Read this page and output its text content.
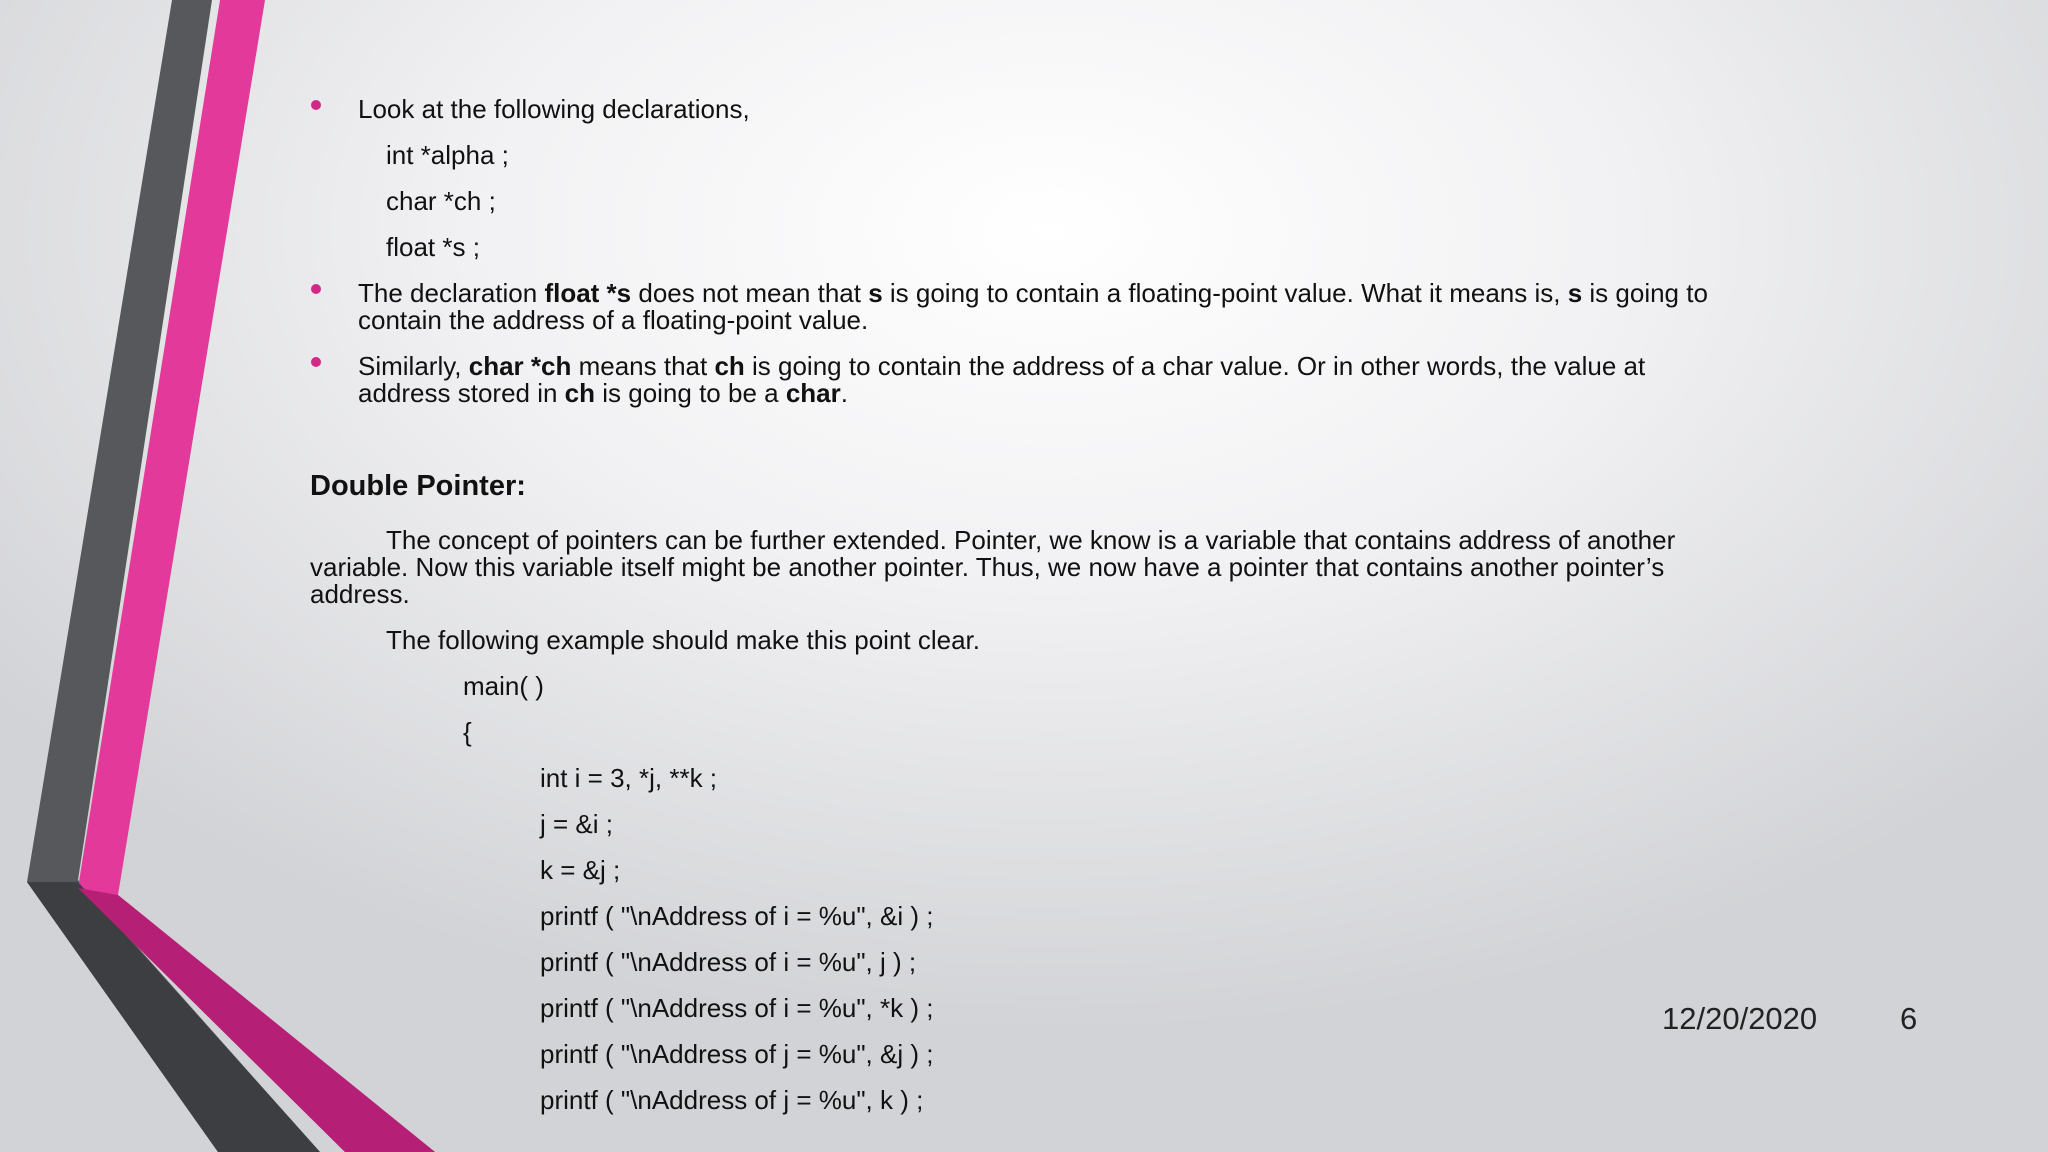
Look at the following declarations,
int *alpha ;
char *ch ;
float *s ;
The declaration float *s does not mean that s is going to contain a floating-point value. What it means is, s is going to contain the address of a floating-point value.
Similarly, char *ch means that ch is going to contain the address of a char value. Or in other words, the value at address stored in ch is going to be a char.
Double Pointer:
The concept of pointers can be further extended. Pointer, we know is a variable that contains address of another variable. Now this variable itself might be another pointer. Thus, we now have a pointer that contains another pointer’s address.
The following example should make this point clear.
main( )
{
int i = 3, *j, **k ;
j = &i ;
k = &j ;
printf ( "\nAddress of i = %u", &i ) ;
printf ( "\nAddress of i = %u", j ) ;
printf ( "\nAddress of i = %u", *k ) ;
printf ( "\nAddress of j = %u", &j ) ;
printf ( "\nAddress of j = %u", k ) ;
12/20/2020	6
